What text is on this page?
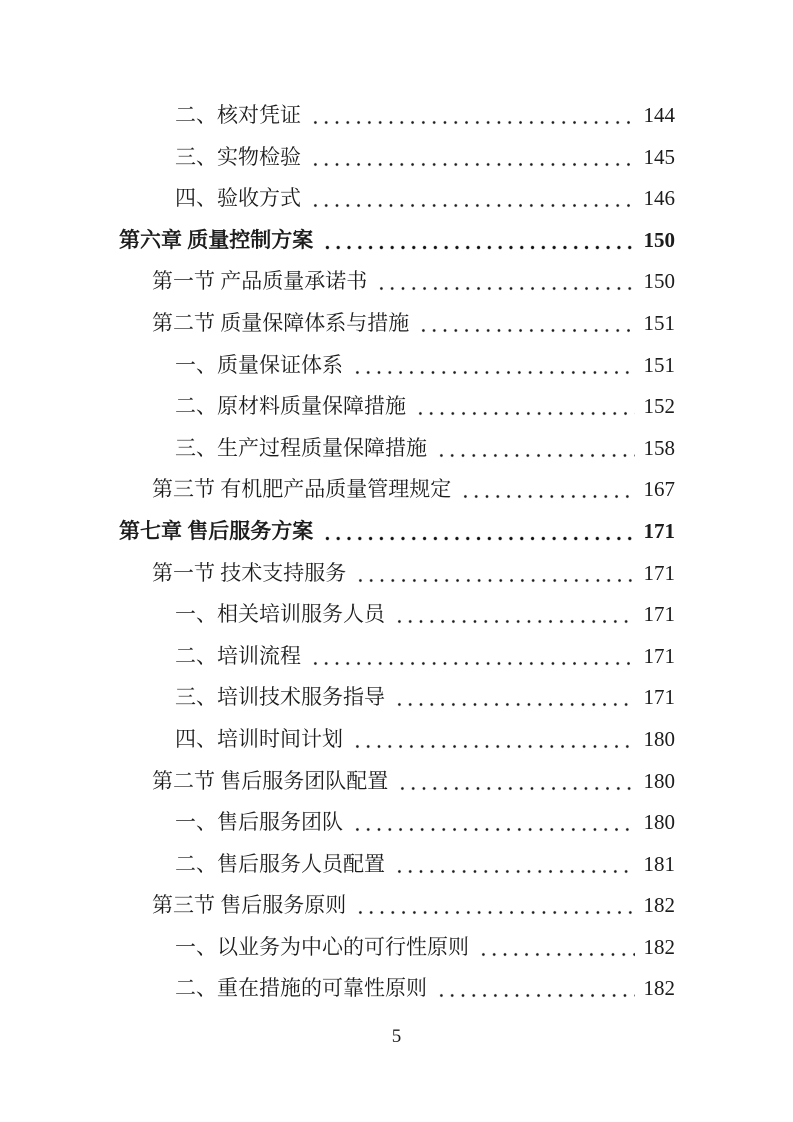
二、核对凭证	144
三、实物检验	145
四、验收方式	146
第六章 质量控制方案	150
第一节 产品质量承诺书	150
第二节 质量保障体系与措施	151
一、质量保证体系	151
二、原材料质量保障措施	152
三、生产过程质量保障措施	158
第三节 有机肥产品质量管理规定	167
第七章 售后服务方案	171
第一节 技术支持服务	171
一、相关培训服务人员	171
二、培训流程	171
三、培训技术服务指导	171
四、培训时间计划	180
第二节 售后服务团队配置	180
一、售后服务团队	180
二、售后服务人员配置	181
第三节 售后服务原则	182
一、以业务为中心的可行性原则	182
二、重在措施的可靠性原则	182
5
